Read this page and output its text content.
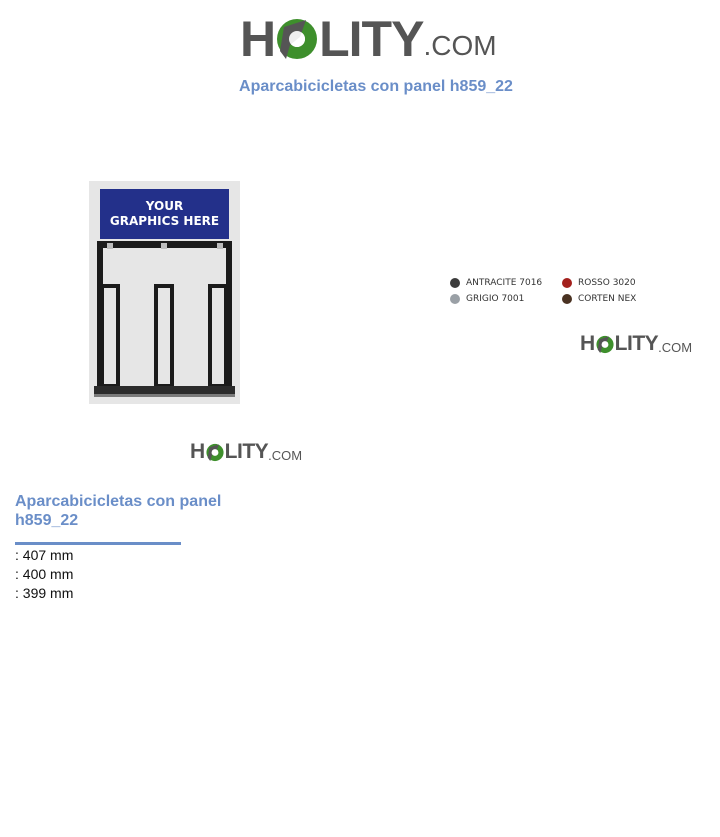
H LITY .COM
Aparcabicicletas con panel h859_22
YOUR GRAPHICS HERE
H LITY .COM
ANTRACITE 7016	ROSSO 3020
GRIGIO 7001	CORTEN NEX
H LITY .COM
Aparcabicicletas con panel h859_22
: 407 mm
: 400 mm
: 399 mm
